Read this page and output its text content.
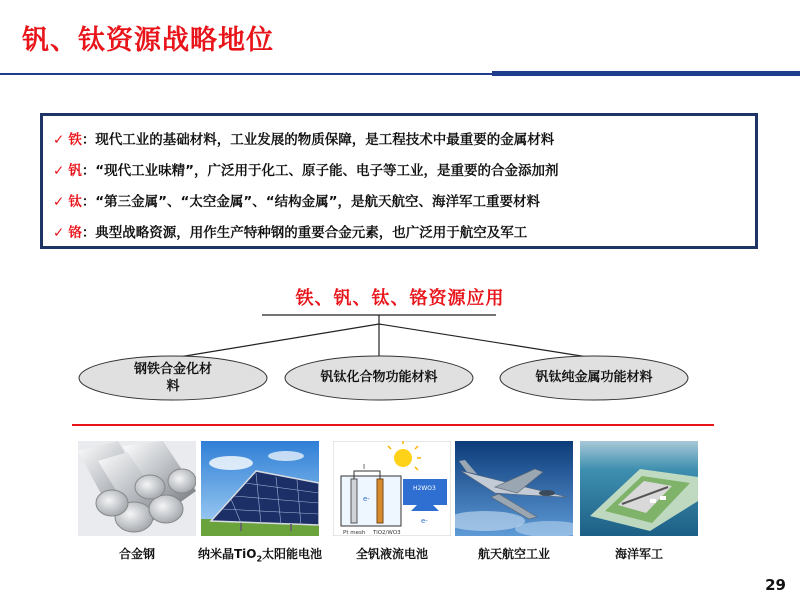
钒、钛资源战略地位
✓ 铁：现代工业的基础材料，工业发展的物质保障，是工程技术中最重要的金属材料
✓ 钒：“现代工业味精”，广泛用于化工、原子能、电子等工业，是重要的合金添加剂
✓ 钛：“第三金属”、“太空金属”、“结构金属”，是航天航空、海洋军工重要材料
✓ 铬：典型战略资源，用作生产特种钢的重要合金元素，也广泛用于航空及军工
铁、钒、钛、铬资源应用
钢铁合金化材
料
钒钛化合物功能材料	钒钛纯金属功能材料
合金钢	纳米晶TiO$_2$太阳能电池
I
H2WO3
e-
e-
Pt mesh TiO2/WO3
全钒液流电池	航天航空工业	海洋军工
29
